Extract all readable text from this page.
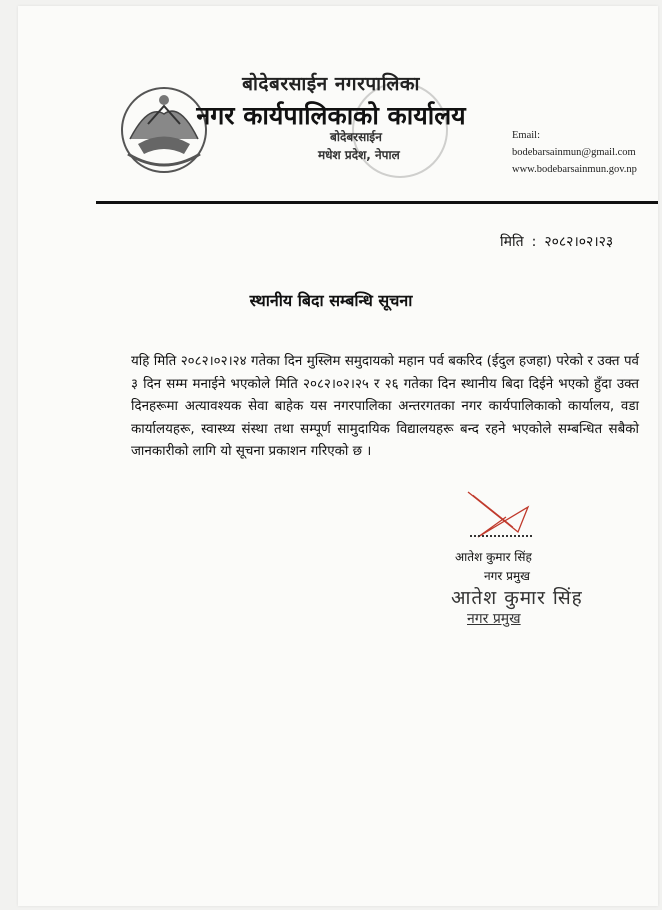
बोदेबरसाईन नगरपालिका
नगर कार्यपालिकाको कार्यालय
बोदेबरसाईन
मधेश प्रदेश, नेपाल
Email: bodebarsainmun@gmail.com
www.bodebarsainmun.gov.np
मिति : २०८२।०२।२३
स्थानीय बिदा सम्बन्धि सूचना
यहि मिति २०८२।०२।२४ गतेका दिन मुस्लिम समुदायको महान पर्व बकरिद (ईदुल हजहा) परेको र उक्त पर्व ३ दिन सम्म मनाईने भएकोले मिति २०८२।०२।२५ र २६ गतेका दिन स्थानीय बिदा दिईने भएको हुँदा उक्त दिनहरूमा अत्यावश्यक सेवा बाहेक यस नगरपालिका अन्तरगतका नगर कार्यपालिकाको कार्यालय, वडा कार्यालयहरू, स्वास्थ्य संस्था तथा सम्पूर्ण सामुदायिक विद्यालयहरू बन्द रहने भएकोले सम्बन्धित सबैको जानकारीको लागि यो सूचना प्रकाशन गरिएको छ ।
आतेश कुमार सिंह
नगर प्रमुख
आतेश कुमार सिंह
नगर प्रमुख
